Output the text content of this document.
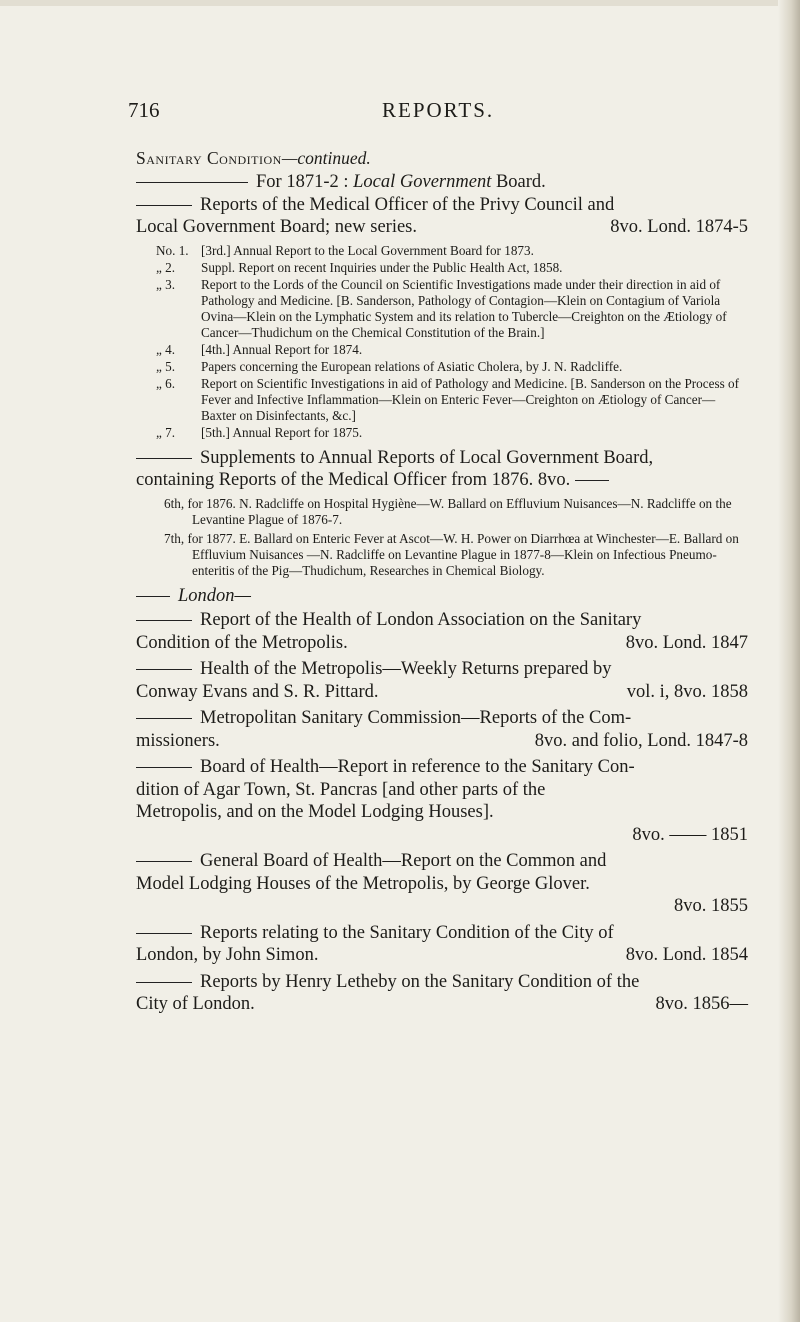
716	REPORTS.
Sanitary Condition—continued.
For 1871-2 : Local Government Board.
Reports of the Medical Officer of the Privy Council and
Local Government Board; new series.	8vo. Lond. 1874-5
No. 1. [3rd.] Annual Report to the Local Government Board for 1873.
„ 2.	Suppl. Report on recent Inquiries under the Public Health Act, 1858.
„ 3.	Report to the Lords of the Council on Scientific Investigations made under their direction in aid of Pathology and Medicine. [B. Sanderson, Pathology of Contagion—Klein on Contagium of Variola Ovina—Klein on the Lymphatic System and its relation to Tubercle—Creighton on the Ætiology of Cancer—Thudichum on the Chemical Constitution of the Brain.]
„ 4.	[4th.] Annual Report for 1874.
„ 5.	Papers concerning the European relations of Asiatic Cholera, by J. N. Radcliffe.
„ 6.	Report on Scientific Investigations in aid of Pathology and Medicine. [B. Sanderson on the Process of Fever and Infective Inflammation—Klein on Enteric Fever—Creighton on Ætiology of Cancer—Baxter on Disinfectants, &c.]
„ 7.	[5th.] Annual Report for 1875.
Supplements to Annual Reports of Local Government Board,
containing Reports of the Medical Officer from 1876. 8vo.
6th, for 1876. N. Radcliffe on Hospital Hygiène—W. Ballard on Effluvium Nuisances—N. Radcliffe on the Levantine Plague of 1876-7.
7th, for 1877. E. Ballard on Enteric Fever at Ascot—W. H. Power on Diarrhœa at Winchester—E. Ballard on Effluvium Nuisances —N. Radcliffe on Levantine Plague in 1877-8—Klein on Infectious Pneumo-enteritis of the Pig—Thudichum, Researches in Chemical Biology.
London—
Report of the Health of London Association on the Sanitary
Condition of the Metropolis.	8vo. Lond. 1847
Health of the Metropolis—Weekly Returns prepared by
Conway Evans and S. R. Pittard.	vol. i, 8vo. 1858
Metropolitan Sanitary Commission—Reports of the Com-
missioners.	8vo. and folio, Lond. 1847-8
Board of Health—Report in reference to the Sanitary Con-
dition of Agar Town, St. Pancras [and other parts of the
Metropolis, and on the Model Lodging Houses].
8vo. —— 1851
General Board of Health—Report on the Common and
Model Lodging Houses of the Metropolis, by George Glover.
8vo. 1855
Reports relating to the Sanitary Condition of the City of
London, by John Simon.	8vo. Lond. 1854
Reports by Henry Letheby on the Sanitary Condition of the
City of London.	8vo. 1856—
